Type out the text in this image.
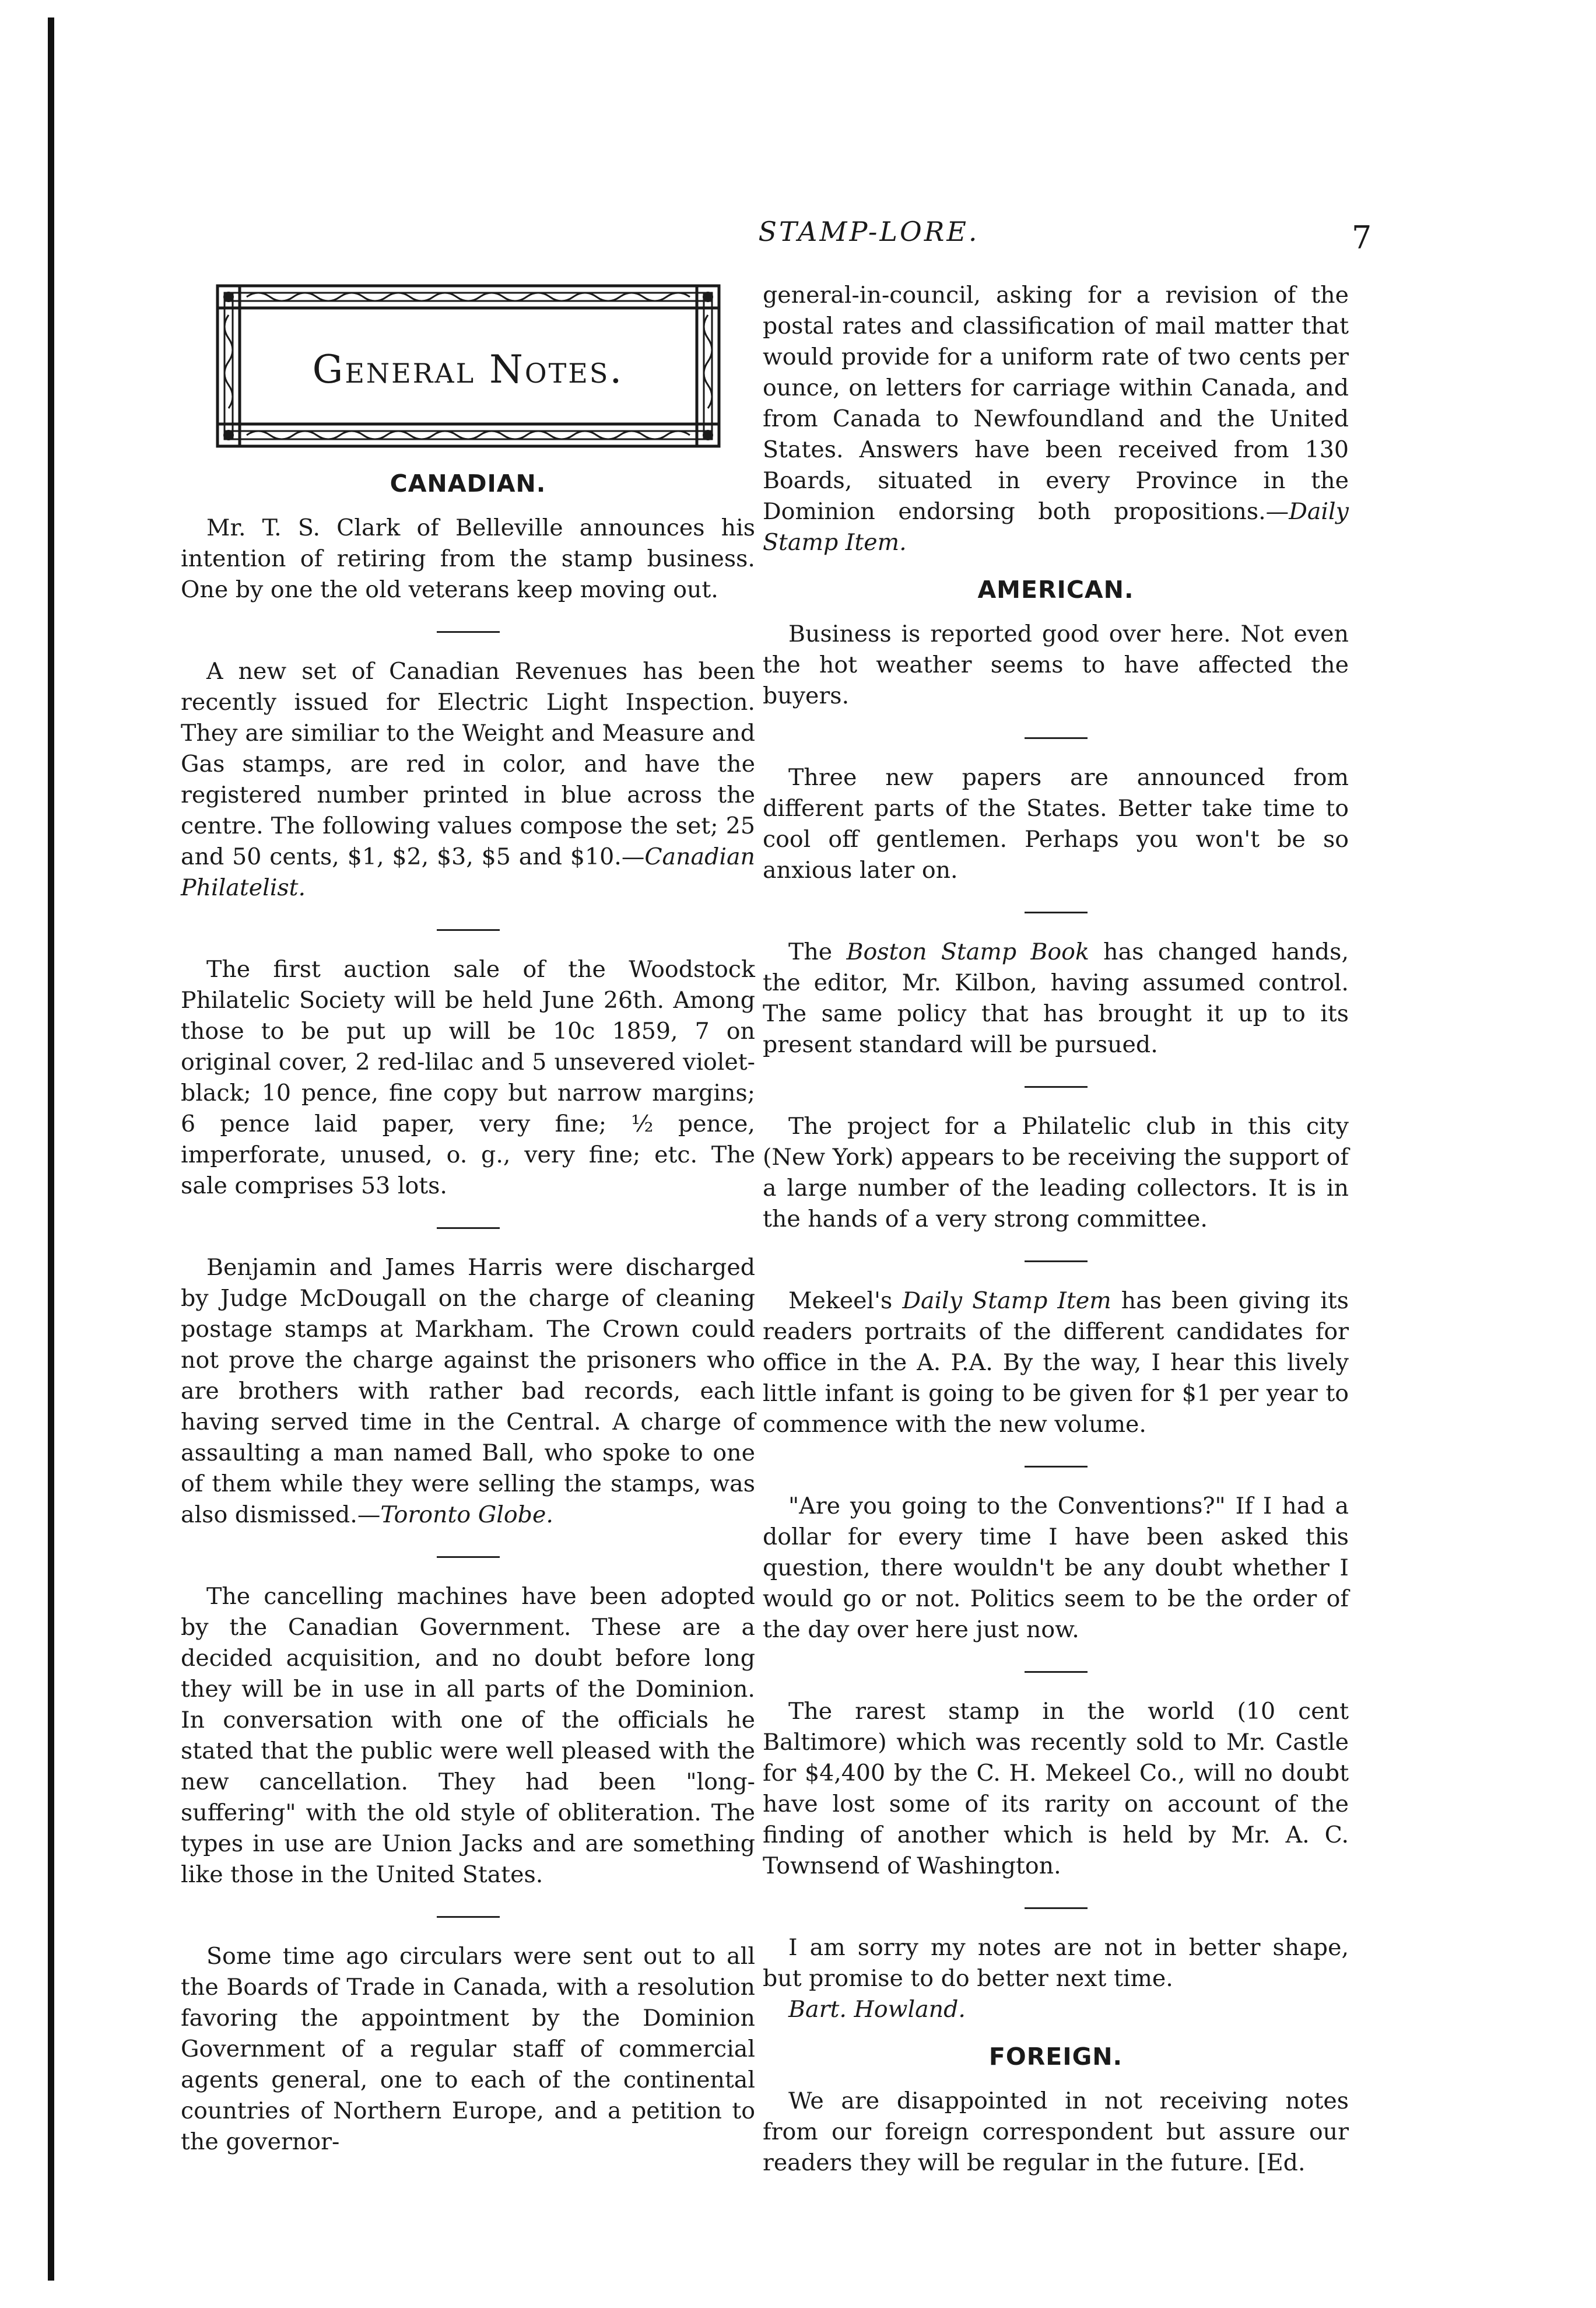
STAMP-LORE.	7
General Notes.
CANADIAN.

Mr. T. S. Clark of Belleville announces his intention of retiring from the stamp business. One by one the old veterans keep moving out.

A new set of Canadian Revenues has been recently issued for Electric Light Inspection. They are similiar to the Weight and Measure and Gas stamps, are red in color, and have the registered number printed in blue across the centre. The following values compose the set; 25 and 50 cents, $1, $2, $3, $5 and $10.—Canadian Philatelist.

The first auction sale of the Woodstock Philatelic Society will be held June 26th. Among those to be put up will be 10c 1859, 7 on original cover, 2 red-lilac and 5 unsevered violet-black; 10 pence, fine copy but narrow margins; 6 pence laid paper, very fine; ½ pence, imperforate, unused, o. g., very fine; etc. The sale comprises 53 lots.

Benjamin and James Harris were discharged by Judge McDougall on the charge of cleaning postage stamps at Markham. The Crown could not prove the charge against the prisoners who are brothers with rather bad records, each having served time in the Central. A charge of assaulting a man named Ball, who spoke to one of them while they were selling the stamps, was also dismissed.—Toronto Globe.

The cancelling machines have been adopted by the Canadian Government. These are a decided acquisition, and no doubt before long they will be in use in all parts of the Dominion. In conversation with one of the officials he stated that the public were well pleased with the new cancellation. They had been "long-suffering" with the old style of obliteration. The types in use are Union Jacks and are something like those in the United States.

Some time ago circulars were sent out to all the Boards of Trade in Canada, with a resolution favoring the appointment by the Dominion Government of a regular staff of commercial agents general, one to each of the continental countries of Northern Europe, and a petition to the governor-

general-in-council, asking for a revision of the postal rates and classification of mail matter that would provide for a uniform rate of two cents per ounce, on letters for carriage within Canada, and from Canada to Newfoundland and the United States. Answers have been received from 130 Boards, situated in every Province in the Dominion endorsing both propositions.—Daily Stamp Item.

AMERICAN.

Business is reported good over here. Not even the hot weather seems to have affected the buyers.

Three new papers are announced from different parts of the States. Better take time to cool off gentlemen. Perhaps you won't be so anxious later on.

The Boston Stamp Book has changed hands, the editor, Mr. Kilbon, having assumed control. The same policy that has brought it up to its present standard will be pursued.

The project for a Philatelic club in this city (New York) appears to be receiving the support of a large number of the leading collectors. It is in the hands of a very strong committee.

Mekeel's Daily Stamp Item has been giving its readers portraits of the different candidates for office in the A. P.A. By the way, I hear this lively little infant is going to be given for $1 per year to commence with the new volume.

"Are you going to the Conventions?" If I had a dollar for every time I have been asked this question, there wouldn't be any doubt whether I would go or not. Politics seem to be the order of the day over here just now.

The rarest stamp in the world (10 cent Baltimore) which was recently sold to Mr. Castle for $4,400 by the C. H. Mekeel Co., will no doubt have lost some of its rarity on account of the finding of another which is held by Mr. A. C. Townsend of Washington.

I am sorry my notes are not in better shape, but promise to do better next time.

Bart. Howland.

FOREIGN.

We are disappointed in not receiving notes from our foreign correspondent but assure our readers they will be regular in the future. [Ed.
